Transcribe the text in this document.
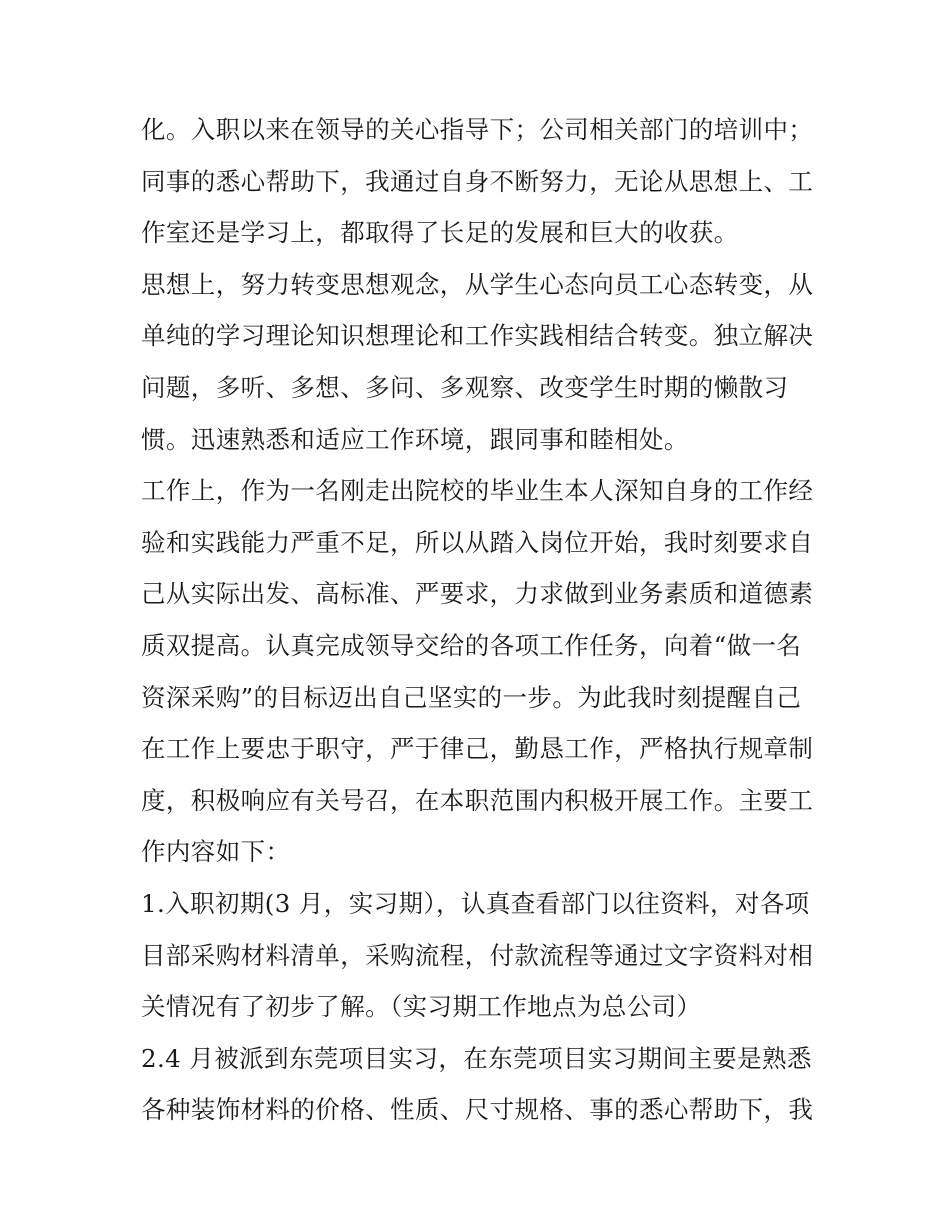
化。入职以来在领导的关心指导下；公司相关部门的培训中；
同事的悉心帮助下，我通过自身不断努力，无论从思想上、工
作室还是学习上，都取得了长足的发展和巨大的收获。
思想上，努力转变思想观念，从学生心态向员工心态转变，从
单纯的学习理论知识想理论和工作实践相结合转变。独立解决
问题，多听、多想、多问、多观察、改变学生时期的懒散习
惯。迅速熟悉和适应工作环境，跟同事和睦相处。
工作上，作为一名刚走出院校的毕业生本人深知自身的工作经
验和实践能力严重不足，所以从踏入岗位开始，我时刻要求自
己从实际出发、高标准、严要求，力求做到业务素质和道德素
质双提高。认真完成领导交给的各项工作任务，向着“做一名
资深采购”的目标迈出自己坚实的一步。为此我时刻提醒自己
在工作上要忠于职守，严于律己，勤恳工作，严格执行规章制
度，积极响应有关号召，在本职范围内积极开展工作。主要工
作内容如下：
1.入职初期(3 月，实习期），认真查看部门以往资料，对各项
目部采购材料清单，采购流程，付款流程等通过文字资料对相
关情况有了初步了解。（实习期工作地点为总公司）
2.4 月被派到东莞项目实习，在东莞项目实习期间主要是熟悉
各种装饰材料的价格、性质、尺寸规格、事的悉心帮助下，我
